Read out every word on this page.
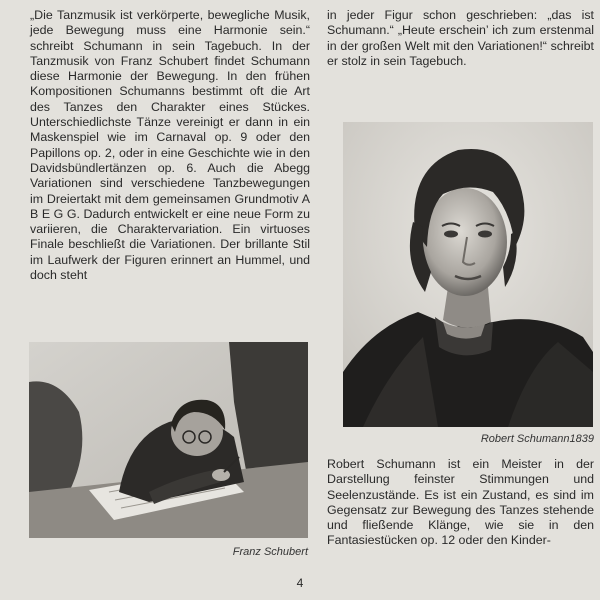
„Die Tanzmusik ist verkörperte, bewegliche Musik, jede Bewegung muss eine Harmonie sein.“ schreibt Schumann in sein Tagebuch. In der Tanzmusik von Franz Schubert findet Schumann diese Harmonie der Bewegung. In den frühen Kompositionen Schumanns bestimmt oft die Art des Tanzes den Charakter eines Stückes. Unterschiedlichste Tänze vereinigt er dann in ein Maskenspiel wie im Carnaval op. 9 oder den Papillons op. 2, oder in eine Geschichte wie in den Davidsbündlertänzen op. 6. Auch die Abegg Variationen sind verschiedene Tanzbewegungen im Dreiertakt mit dem gemeinsamen Grundmotiv A B E G G. Dadurch entwickelt er eine neue Form zu variieren, die Charaktervariation. Ein virtuoses Finale beschließt die Variationen. Der brillante Stil im Laufwerk der Figuren erinnert an Hummel, und doch steht

in jeder Figur schon geschrieben: „das ist Schumann.“ „Heute erschein’ ich zum erstenmal in der großen Welt mit den Variationen!“ schreibt er stolz in sein Tagebuch.

Robert Schumann1839

Robert Schumann ist ein Meister in der Darstellung feinster Stimmungen und Seelenzustände. Es ist ein Zustand, es sind im Gegensatz zur Bewegung des Tanzes stehende und fließende Klänge, wie sie in den Fantasiestücken op. 12 oder den Kinder-

Franz Schubert
4
